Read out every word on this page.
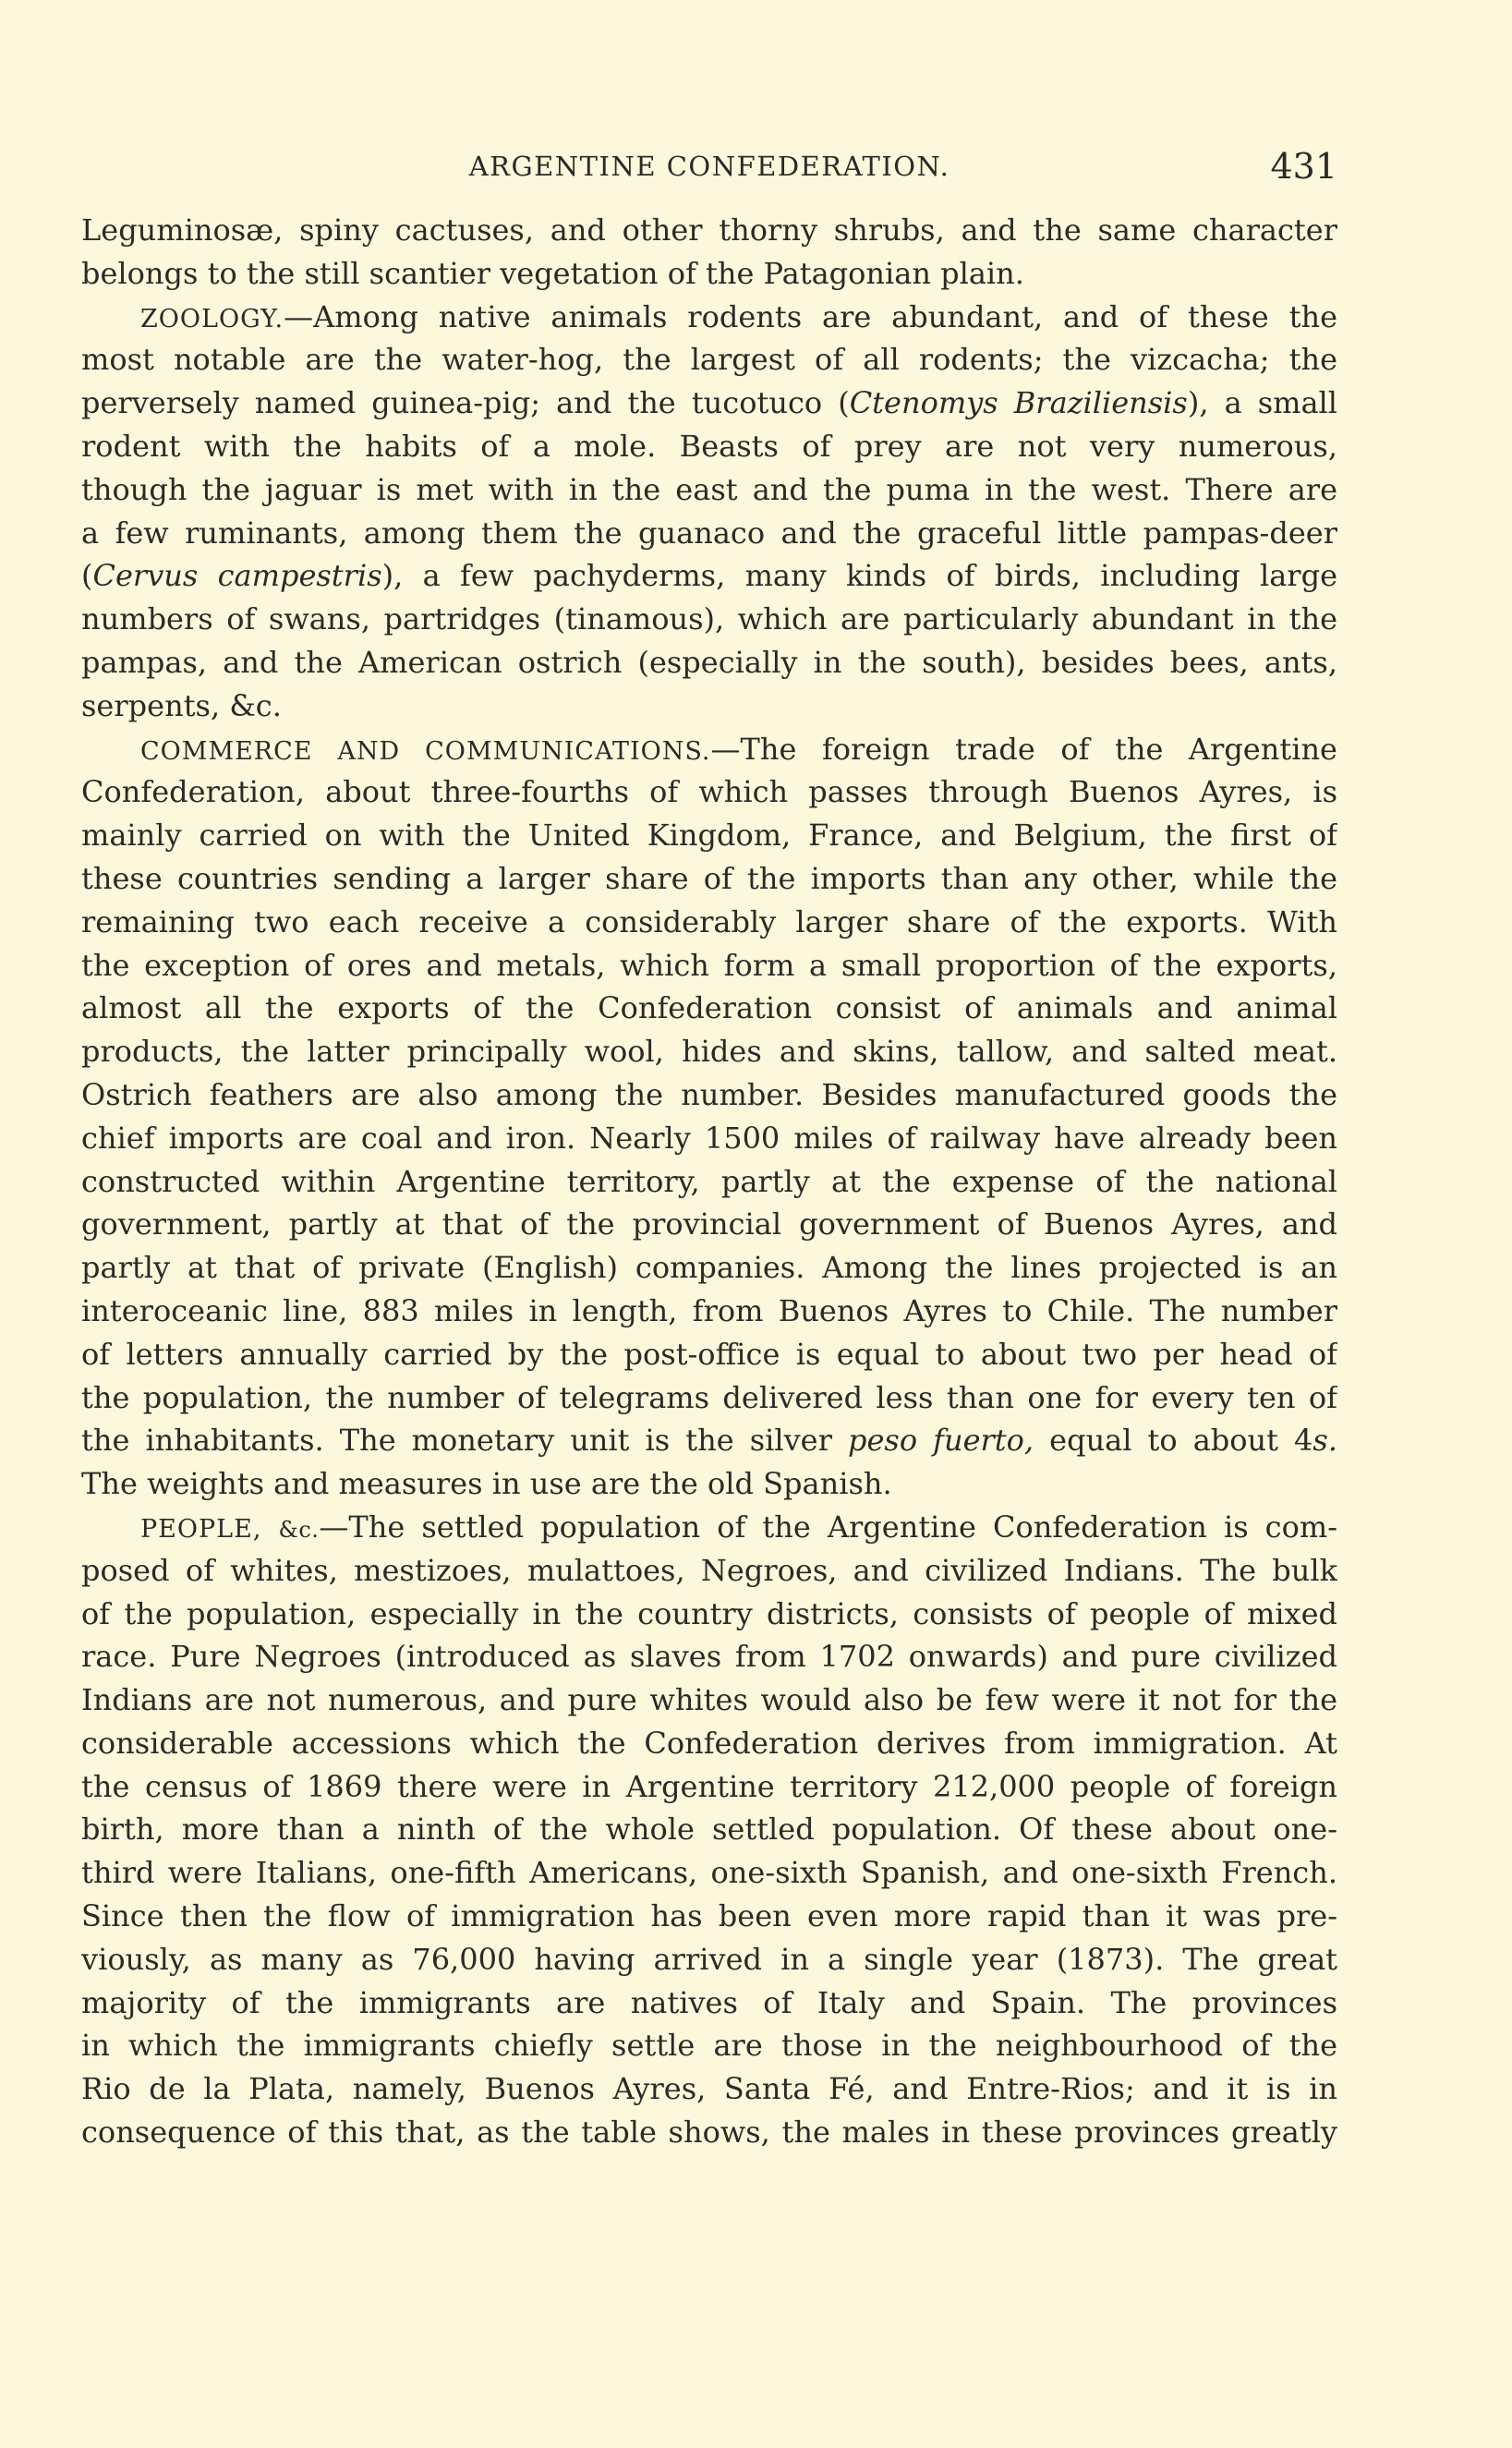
ARGENTINE CONFEDERATION.	431
Leguminosæ, spiny cactuses, and other thorny shrubs, and the same character
belongs to the still scantier vegetation of the Patagonian plain.
ZOOLOGY.—Among native animals rodents are abundant, and of these the
most notable are the water-hog, the largest of all rodents; the vizcacha; the
perversely named guinea-pig; and the tucotuco (Ctenomys Braziliensis), a small
rodent with the habits of a mole. Beasts of prey are not very numerous,
though the jaguar is met with in the east and the puma in the west. There are
a few ruminants, among them the guanaco and the graceful little pampas-deer
(Cervus campestris), a few pachyderms, many kinds of birds, including large
numbers of swans, partridges (tinamous), which are particularly abundant in the
pampas, and the American ostrich (especially in the south), besides bees, ants,
serpents, &c.
COMMERCE AND COMMUNICATIONS.—The foreign trade of the Argentine
Confederation, about three-fourths of which passes through Buenos Ayres, is
mainly carried on with the United Kingdom, France, and Belgium, the first of
these countries sending a larger share of the imports than any other, while the
remaining two each receive a considerably larger share of the exports. With
the exception of ores and metals, which form a small proportion of the exports,
almost all the exports of the Confederation consist of animals and animal
products, the latter principally wool, hides and skins, tallow, and salted meat.
Ostrich feathers are also among the number. Besides manufactured goods the
chief imports are coal and iron. Nearly 1500 miles of railway have already been
constructed within Argentine territory, partly at the expense of the national
government, partly at that of the provincial government of Buenos Ayres, and
partly at that of private (English) companies. Among the lines projected is an
interoceanic line, 883 miles in length, from Buenos Ayres to Chile. The number
of letters annually carried by the post-office is equal to about two per head of
the population, the number of telegrams delivered less than one for every ten of
the inhabitants. The monetary unit is the silver peso fuerto, equal to about 4s.
The weights and measures in use are the old Spanish.
PEOPLE, &c.—The settled population of the Argentine Confederation is com-
posed of whites, mestizoes, mulattoes, Negroes, and civilized Indians. The bulk
of the population, especially in the country districts, consists of people of mixed
race. Pure Negroes (introduced as slaves from 1702 onwards) and pure civilized
Indians are not numerous, and pure whites would also be few were it not for the
considerable accessions which the Confederation derives from immigration. At
the census of 1869 there were in Argentine territory 212,000 people of foreign
birth, more than a ninth of the whole settled population. Of these about one-
third were Italians, one-fifth Americans, one-sixth Spanish, and one-sixth French.
Since then the flow of immigration has been even more rapid than it was pre-
viously, as many as 76,000 having arrived in a single year (1873). The great
majority of the immigrants are natives of Italy and Spain. The provinces
in which the immigrants chiefly settle are those in the neighbourhood of the
Rio de la Plata, namely, Buenos Ayres, Santa Fé, and Entre-Rios; and it is in
consequence of this that, as the table shows, the males in these provinces greatly
